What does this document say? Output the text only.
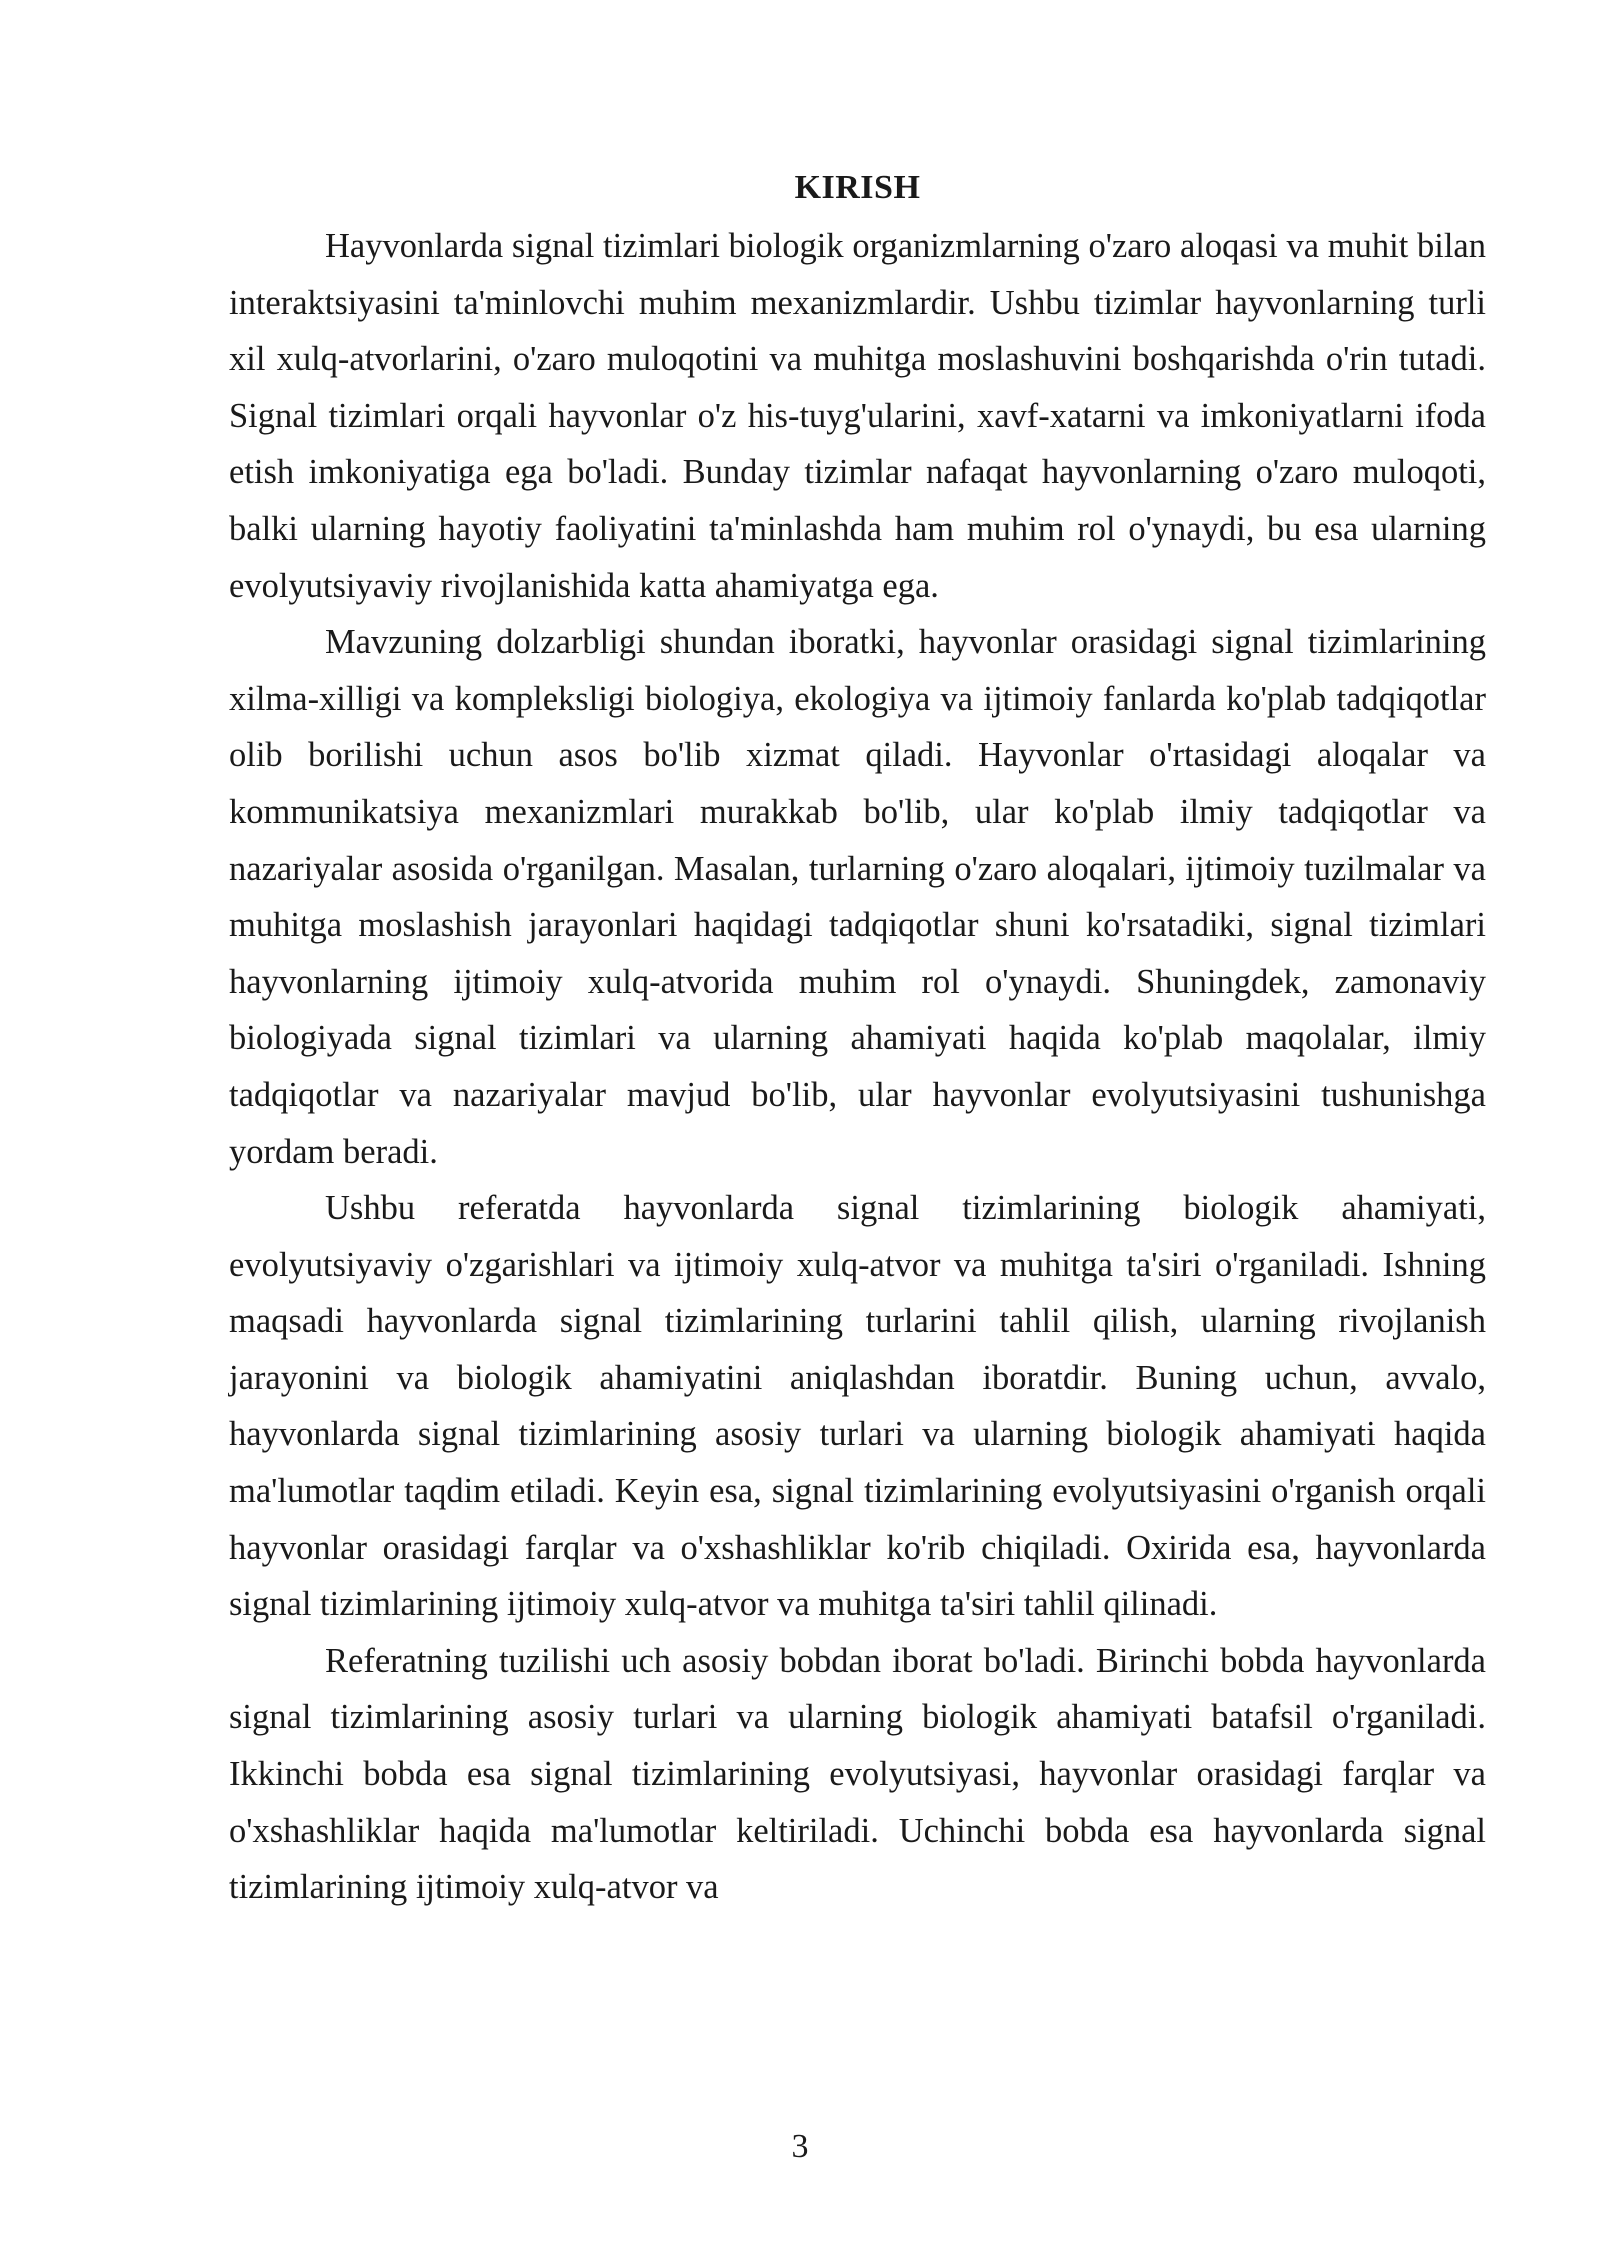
KIRISH

Hayvonlarda signal tizimlari biologik organizmlarning o'zaro aloqasi va muhit bilan interaktsiyasini ta'minlovchi muhim mexanizmlardir. Ushbu tizimlar hayvonlarning turli xil xulq-atvorlarini, o'zaro muloqotini va muhitga moslashuvini boshqarishda o'rin tutadi. Signal tizimlari orqali hayvonlar o'z his-tuyg'ularini, xavf-xatarni va imkoniyatlarni ifoda etish imkoniyatiga ega bo'ladi. Bunday tizimlar nafaqat hayvonlarning o'zaro muloqoti, balki ularning hayotiy faoliyatini ta'minlashda ham muhim rol o'ynaydi, bu esa ularning evolyutsiyaviy rivojlanishida katta ahamiyatga ega.

Mavzuning dolzarbligi shundan iboratki, hayvonlar orasidagi signal tizimlarining xilma-xilligi va kompleksligi biologiya, ekologiya va ijtimoiy fanlarda ko'plab tadqiqotlar olib borilishi uchun asos bo'lib xizmat qiladi. Hayvonlar o'rtasidagi aloqalar va kommunikatsiya mexanizmlari murakkab bo'lib, ular ko'plab ilmiy tadqiqotlar va nazariyalar asosida o'rganilgan. Masalan, turlarning o'zaro aloqalari, ijtimoiy tuzilmalar va muhitga moslashish jarayonlari haqidagi tadqiqotlar shuni ko'rsatadiki, signal tizimlari hayvonlarning ijtimoiy xulq-atvorida muhim rol o'ynaydi. Shuningdek, zamonaviy biologiyada signal tizimlari va ularning ahamiyati haqida ko'plab maqolalar, ilmiy tadqiqotlar va nazariyalar mavjud bo'lib, ular hayvonlar evolyutsiyasini tushunishga yordam beradi.

Ushbu referatda hayvonlarda signal tizimlarining biologik ahamiyati, evolyutsiyaviy o'zgarishlari va ijtimoiy xulq-atvor va muhitga ta'siri o'rganiladi. Ishning maqsadi hayvonlarda signal tizimlarining turlarini tahlil qilish, ularning rivojlanish jarayonini va biologik ahamiyatini aniqlashdan iboratdir. Buning uchun, avvalo, hayvonlarda signal tizimlarining asosiy turlari va ularning biologik ahamiyati haqida ma'lumotlar taqdim etiladi. Keyin esa, signal tizimlarining evolyutsiyasini o'rganish orqali hayvonlar orasidagi farqlar va o'xshashliklar ko'rib chiqiladi. Oxirida esa, hayvonlarda signal tizimlarining ijtimoiy xulq-atvor va muhitga ta'siri tahlil qilinadi.

Referatning tuzilishi uch asosiy bobdan iborat bo'ladi. Birinchi bobda hayvonlarda signal tizimlarining asosiy turlari va ularning biologik ahamiyati batafsil o'rganiladi. Ikkinchi bobda esa signal tizimlarining evolyutsiyasi, hayvonlar orasidagi farqlar va o'xshashliklar haqida ma'lumotlar keltiriladi. Uchinchi bobda esa hayvonlarda signal tizimlarining ijtimoiy xulq-atvor va

3
